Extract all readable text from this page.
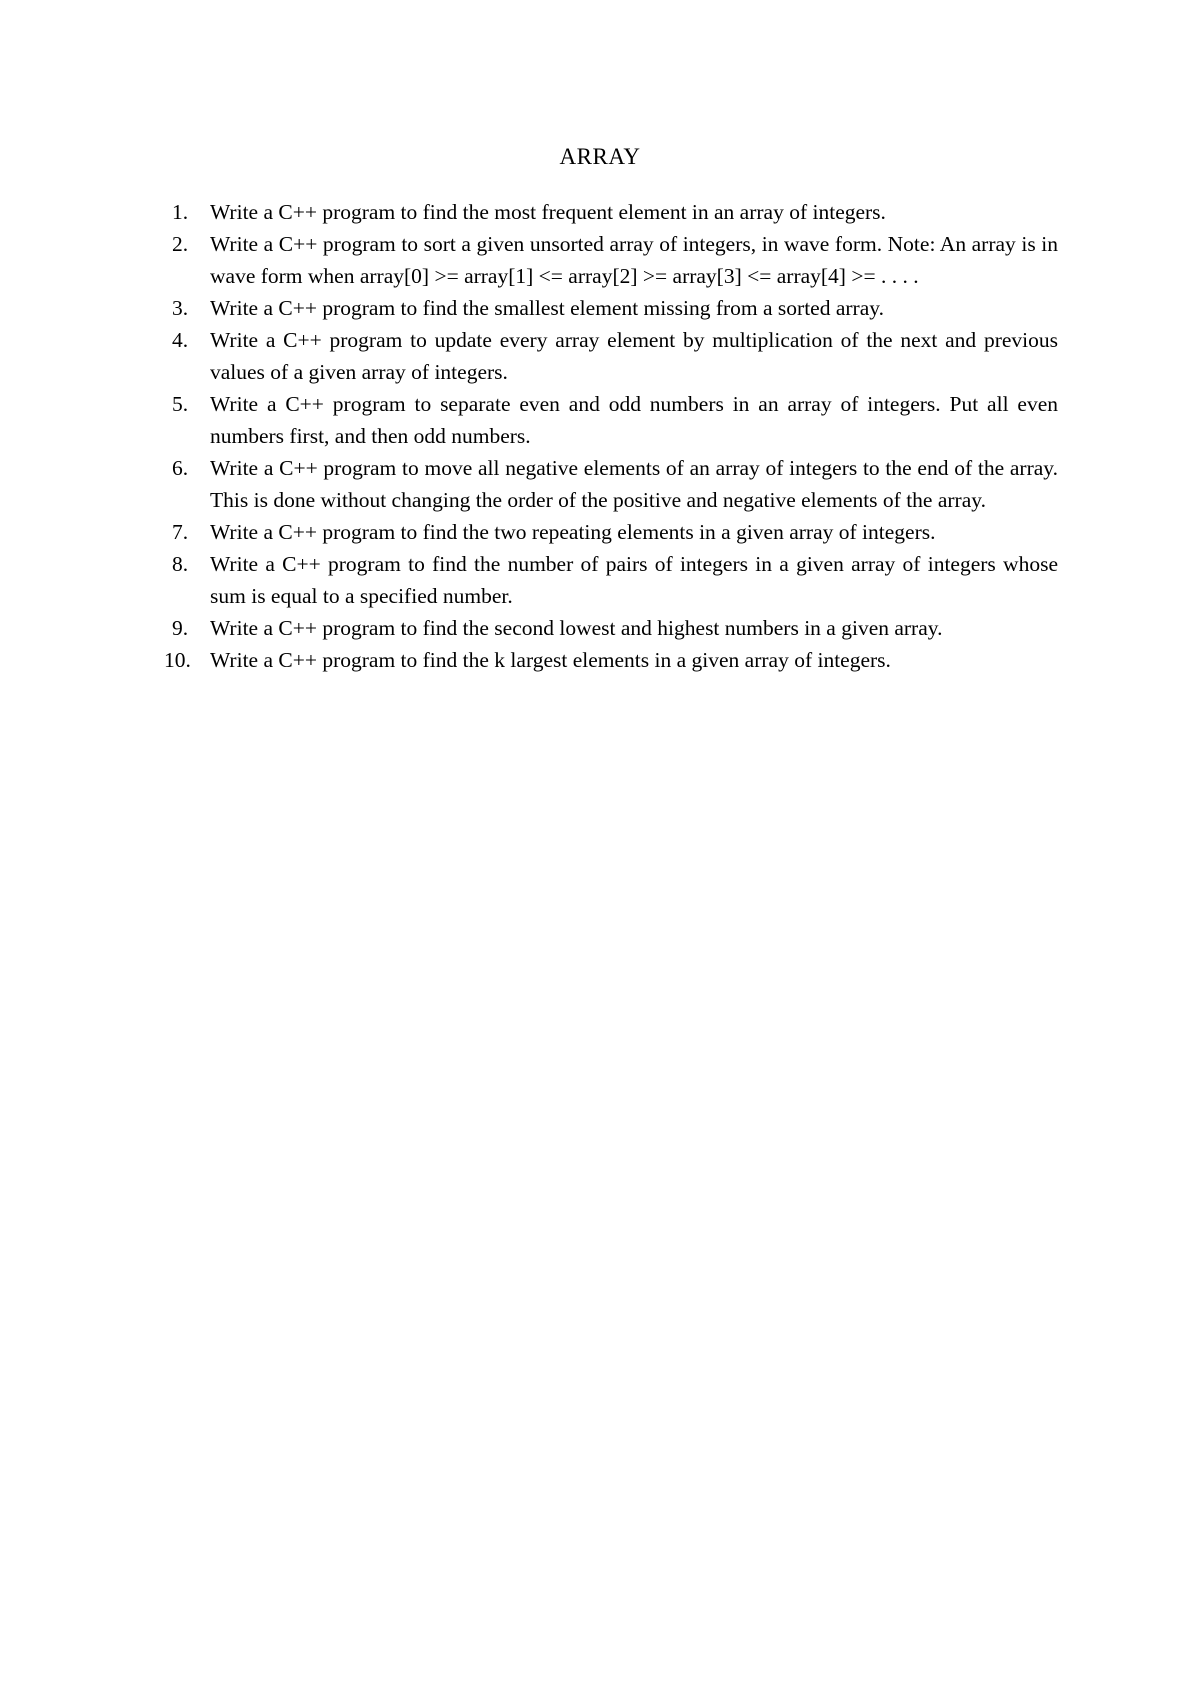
ARRAY
1.	Write a C++ program to find the most frequent element in an array of integers.
2.	Write a C++ program to sort a given unsorted array of integers, in wave form. Note: An array is in wave form when array[0] >= array[1] <= array[2] >= array[3] <= array[4] >= . . . .
3.	Write a C++ program to find the smallest element missing from a sorted array.
4.	Write a C++ program to update every array element by multiplication of the next and previous values of a given array of integers.
5.	Write a C++ program to separate even and odd numbers in an array of integers. Put all even numbers first, and then odd numbers.
6.	Write a C++ program to move all negative elements of an array of integers to the end of the array. This is done without changing the order of the positive and negative elements of the array.
7.	Write a C++ program to find the two repeating elements in a given array of integers.
8.	Write a C++ program to find the number of pairs of integers in a given array of integers whose sum is equal to a specified number.
9.	Write a C++ program to find the second lowest and highest numbers in a given array.
10. Write a C++ program to find the k largest elements in a given array of integers.
